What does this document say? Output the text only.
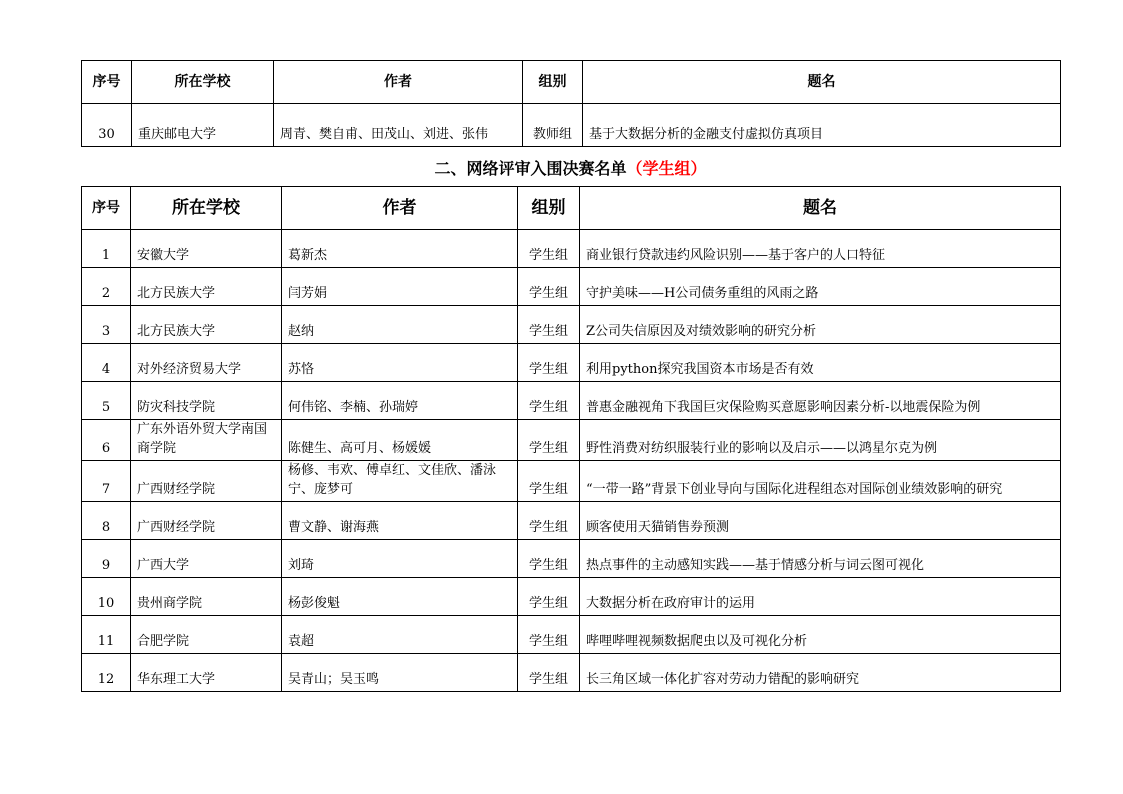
序号	所在学校	作者	组别	题名
30	重庆邮电大学	周青、樊自甫、田茂山、刘进、张伟	教师组	基于大数据分析的金融支付虚拟仿真项目
二、网络评审入围决赛名单（学生组）
序号	所在学校	作者	组别	题名
1	安徽大学	葛新杰	学生组	商业银行贷款违约风险识别——基于客户的人口特征
2	北方民族大学	闫芳娟	学生组	守护美味——H公司债务重组的风雨之路
3	北方民族大学	赵纳	学生组	Z公司失信原因及对绩效影响的研究分析
4	对外经济贸易大学	苏恪	学生组	利用python探究我国资本市场是否有效
5	防灾科技学院	何伟铭、李楠、孙瑞婷	学生组	普惠金融视角下我国巨灾保险购买意愿影响因素分析-以地震保险为例
6	广东外语外贸大学南国商学院	陈健生、高可月、杨媛媛	学生组	野性消费对纺织服装行业的影响以及启示——以鸿星尔克为例
7	广西财经学院	杨修、韦欢、傅卓红、文佳欣、潘泳宁、庞梦可	学生组	“一带一路”背景下创业导向与国际化进程组态对国际创业绩效影响的研究
8	广西财经学院	曹文静、谢海燕	学生组	顾客使用天猫销售券预测
9	广西大学	刘琦	学生组	热点事件的主动感知实践——基于情感分析与词云图可视化
10	贵州商学院	杨彭俊魁	学生组	大数据分析在政府审计的运用
11	合肥学院	袁超	学生组	哔哩哔哩视频数据爬虫以及可视化分析
12	华东理工大学	吴青山；吴玉鸣	学生组	长三角区域一体化扩容对劳动力错配的影响研究
